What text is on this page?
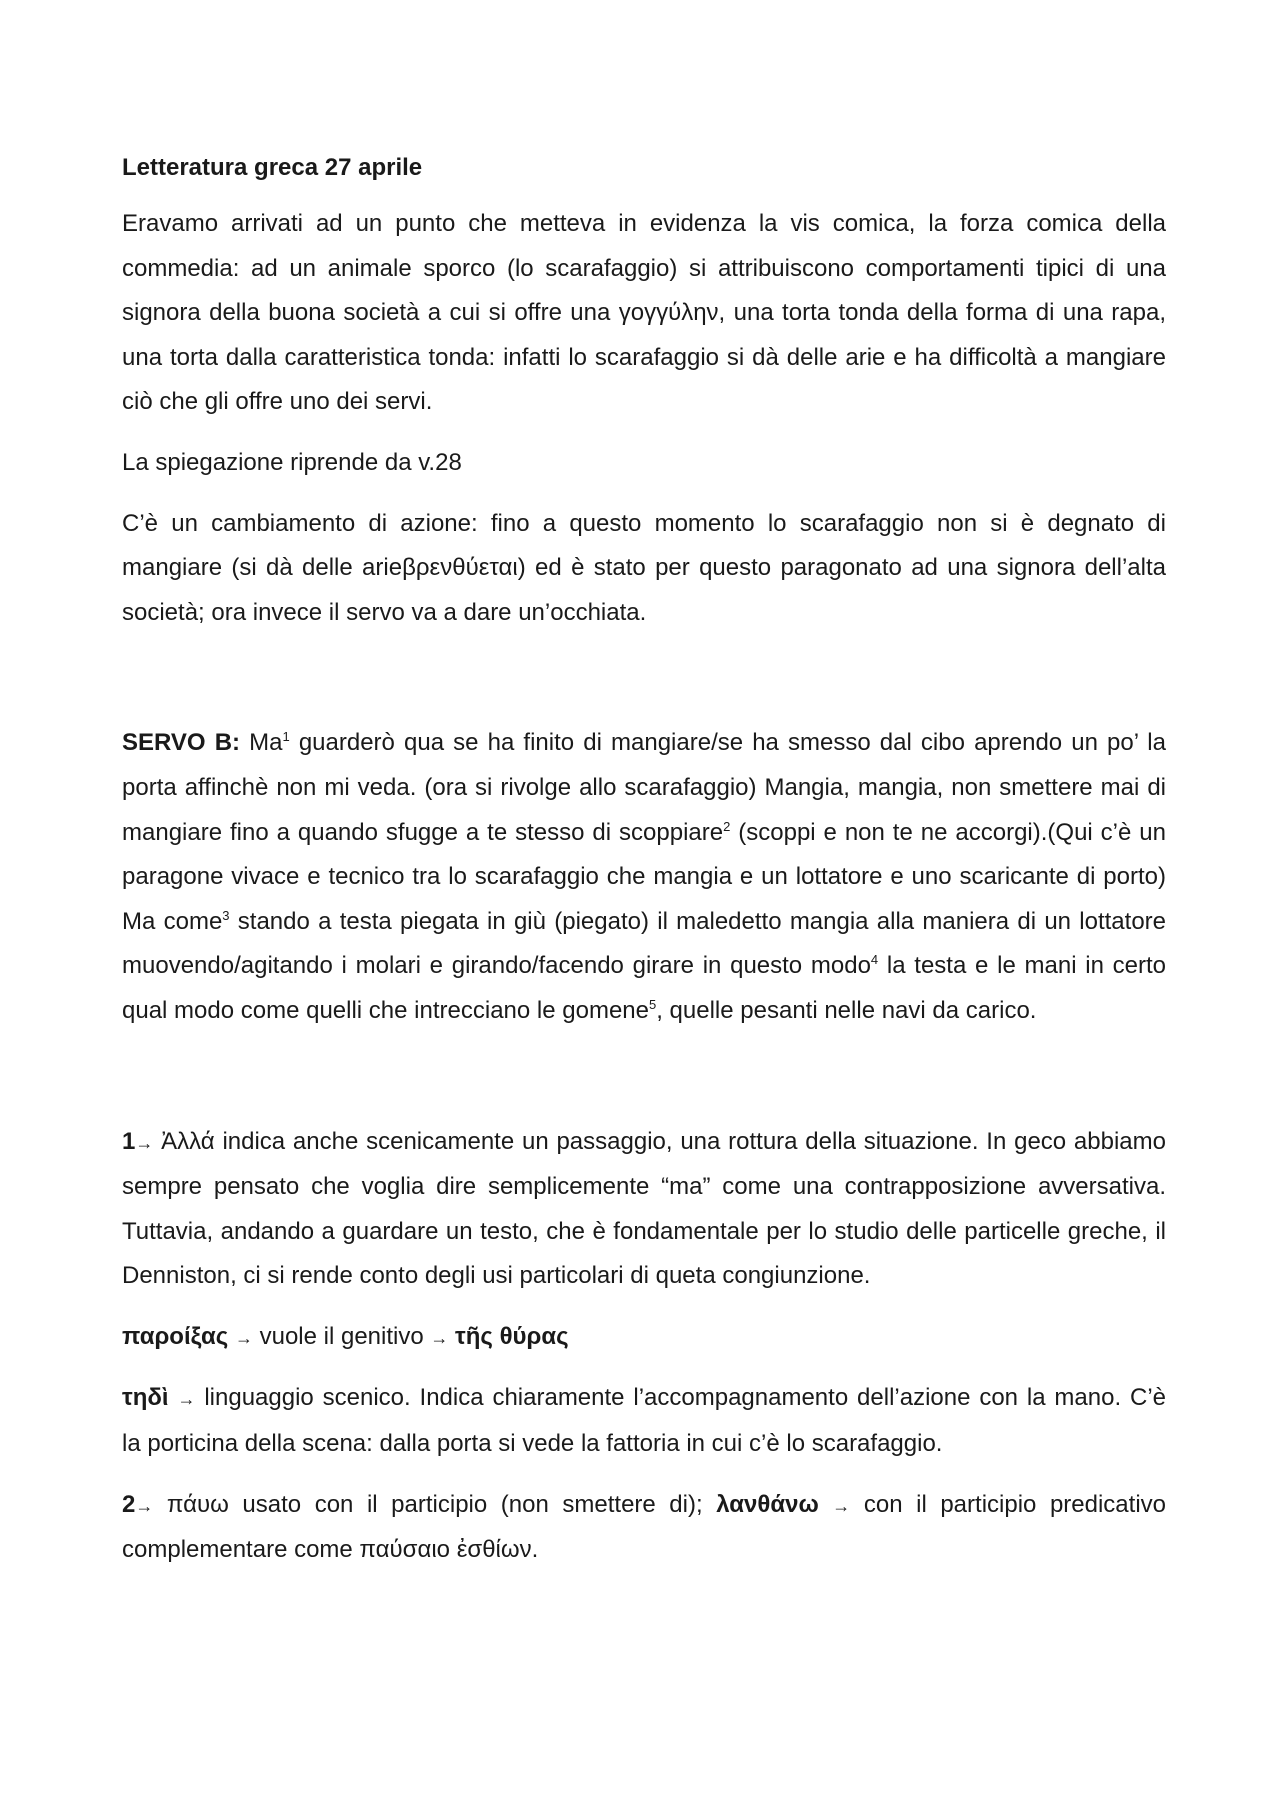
Letteratura greca 27 aprile

Eravamo arrivati ad un punto che metteva in evidenza la vis comica, la forza comica della commedia: ad un animale sporco (lo scarafaggio) si attribuiscono comportamenti tipici di una signora della buona società a cui si offre una γογγύλην, una torta tonda della forma di una rapa, una torta dalla caratteristica tonda: infatti lo scarafaggio si dà delle arie e ha difficoltà a mangiare ciò che gli offre uno dei servi.

La spiegazione riprende da v.28

C’è un cambiamento di azione: fino a questo momento lo scarafaggio non si è degnato di mangiare (si dà delle arieβρενθύεται) ed è stato per questo paragonato ad una signora dell’alta società; ora invece il servo va a dare un’occhiata.

SERVO B: Ma$^1$ guarderò qua se ha finito di mangiare/se ha smesso dal cibo aprendo un po’ la porta affinchè non mi veda. (ora si rivolge allo scarafaggio) Mangia, mangia, non smettere mai di mangiare fino a quando sfugge a te stesso di scoppiare$^2$ (scoppi e non te ne accorgi).(Qui c’è un paragone vivace e tecnico tra lo scarafaggio che mangia e un lottatore e uno scaricante di porto) Ma come$^3$ stando a testa piegata in giù (piegato) il maledetto mangia alla maniera di un lottatore muovendo/agitando i molari e girando/facendo girare in questo modo$^4$ la testa e le mani in certo qual modo come quelli che intrecciano le gomene$^5$, quelle pesanti nelle navi da carico.

1→ Ἀλλά indica anche scenicamente un passaggio, una rottura della situazione. In geco abbiamo sempre pensato che voglia dire semplicemente “ma” come una contrapposizione avversativa. Tuttavia, andando a guardare un testo, che è fondamentale per lo studio delle particelle greche, il Denniston, ci si rende conto degli usi particolari di queta congiunzione.

παροίξας → vuole il genitivo → τῆς θύρας

τηδὶ → linguaggio scenico. Indica chiaramente l’accompagnamento dell’azione con la mano. C’è la porticina della scena: dalla porta si vede la fattoria in cui c’è lo scarafaggio.

2→ πάυω usato con il participio (non smettere di); λανθάνω → con il participio predicativo complementare come παύσαιο ἐσθίων.
